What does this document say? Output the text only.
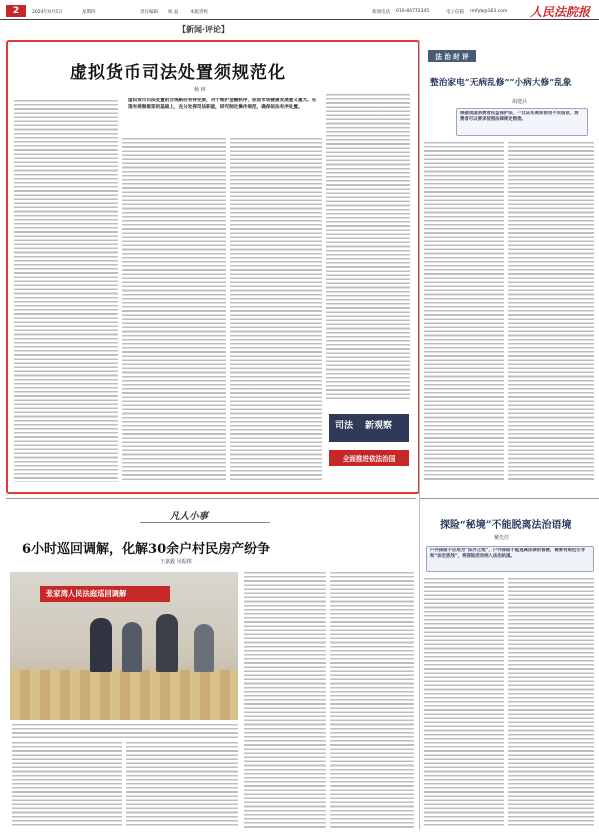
2	2024年9月5日	星期四	责任编辑 杨 晶	本版责校	新闻电话 010-84772345	电子信箱 rmfyb@163.com 人民法院报
【新闻·评论】
虚拟货币司法处置须规范化
杨 林
虚拟货币司法处置的合规路径有待完善，对于维护金融秩序，促进市场健康发展意义重大。在现有规制框架的基础上，充分发挥司法职能，研究制定操作规范，确保依法有序处置。
司法 新观察
全面推进依法治国
法 治 时 评
整治家电“无病乱修”“小病大修”乱象
胡建兵
根据我国消费者权益保护法，一旦证实商家使用不实信息，消费者可以要求按照法律规定赔偿。
探险“秘境”不能脱离法治语境
戴先任
户外探险不应成为“法外之地”，户外探险不能逃离法律的管辖，需要有规范引导和“法定底线”，将探险活动纳入法治轨道。
凡人小事
6小时巡回调解，化解30余户村民房产纷争
王嘉毅 吴振棋
张家湾人民法庭巡回调解
